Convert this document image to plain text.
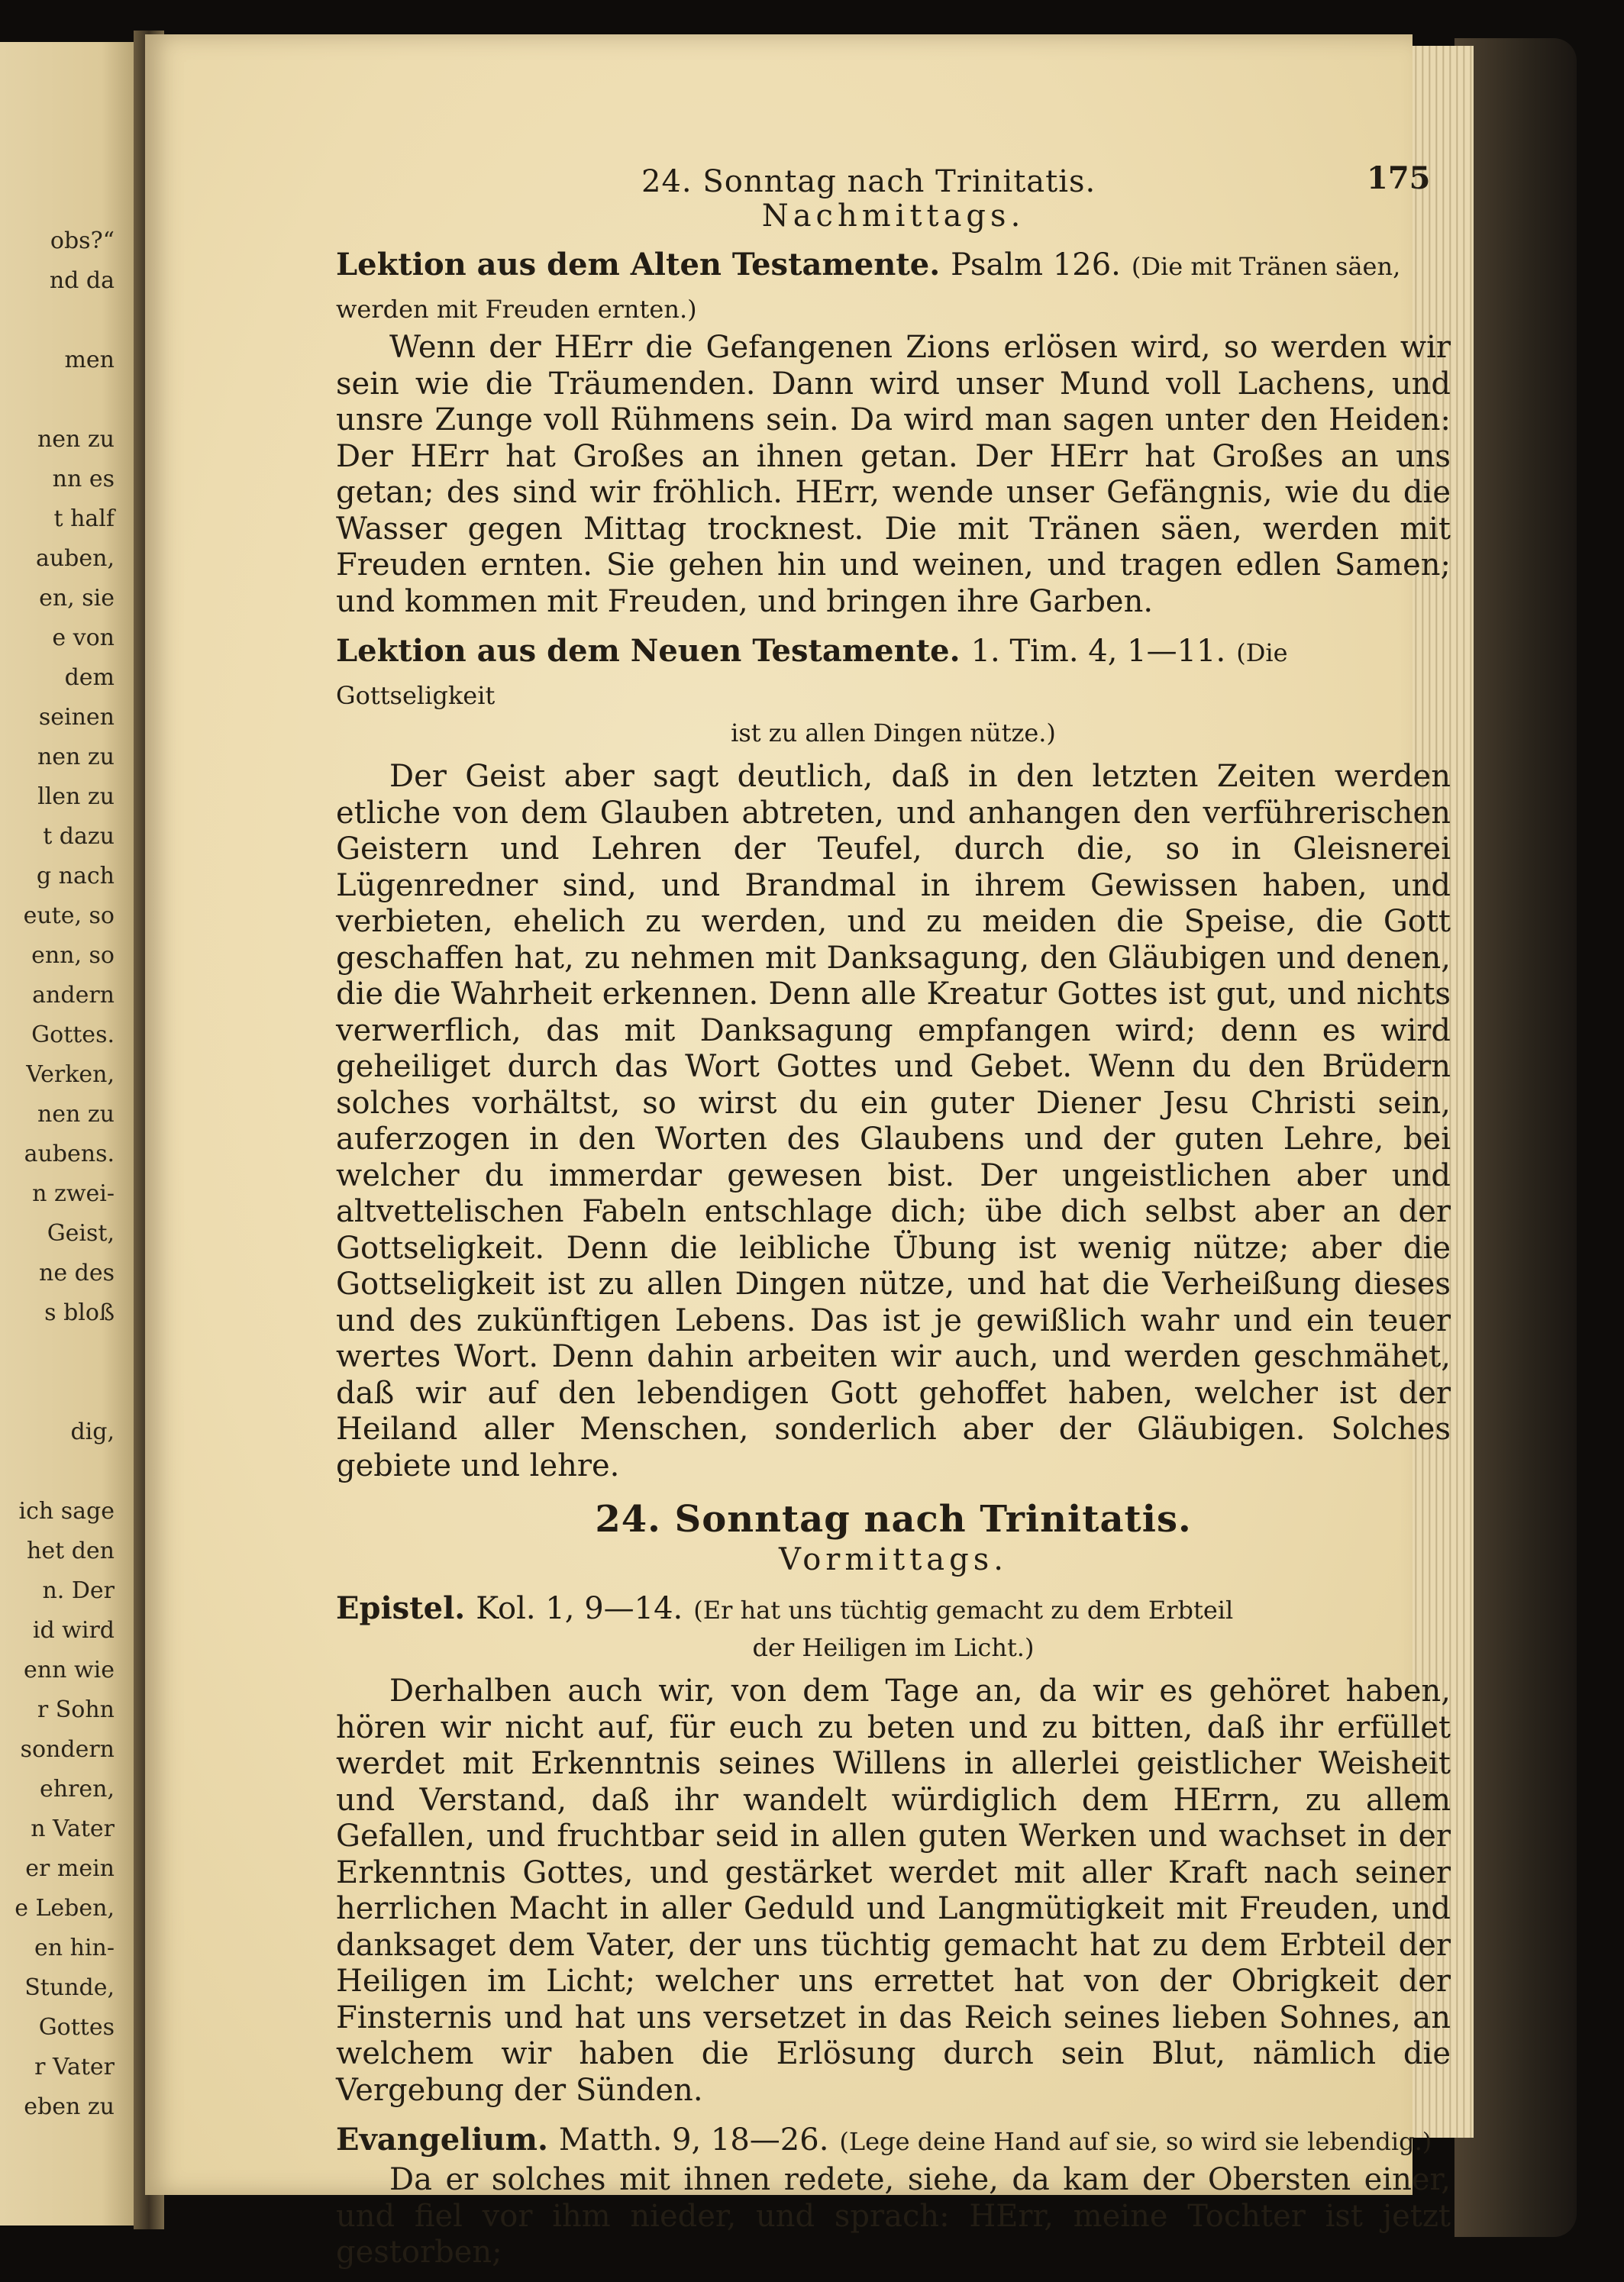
obs?“
nd da
men
nen zu
nn es
t half
auben,
en, sie
e von
dem
seinen
nen zu
llen zu
t dazu
g nach
eute, so
enn, so
andern
Gottes.
Verken,
nen zu
aubens.
n zwei-
Geist,
ne des
s bloß
dig,
ich sage
het den
n. Der
id wird
enn wie
r Sohn
sondern
ehren,
n Vater
er mein
e Leben,
en hin-
Stunde,
Gottes
r Vater
eben zu
24. Sonntag nach Trinitatis.	175

Nachmittags.

Lektion aus dem Alten Testamente. Psalm 126. (Die mit Tränen säen, werden mit Freuden ernten.)

Wenn der HErr die Gefangenen Zions erlösen wird, so werden wir sein wie die Träumenden. Dann wird unser Mund voll Lachens, und unsre Zunge voll Rühmens sein. Da wird man sagen unter den Heiden: Der HErr hat Großes an ihnen getan. Der HErr hat Großes an uns getan; des sind wir fröhlich. HErr, wende unser Gefängnis, wie du die Wasser gegen Mittag trocknest. Die mit Tränen säen, werden mit Freuden ernten. Sie gehen hin und weinen, und tragen edlen Samen; und kommen mit Freuden, und bringen ihre Garben.

Lektion aus dem Neuen Testamente. 1. Tim. 4, 1—11. (Die Gottseligkeit

ist zu allen Dingen nütze.)

Der Geist aber sagt deutlich, daß in den letzten Zeiten werden etliche von dem Glauben abtreten, und anhangen den verführerischen Geistern und Lehren der Teufel, durch die, so in Gleisnerei Lügenredner sind, und Brandmal in ihrem Gewissen haben, und verbieten, ehelich zu werden, und zu meiden die Speise, die Gott geschaffen hat, zu nehmen mit Danksagung, den Gläubigen und denen, die die Wahrheit erkennen. Denn alle Kreatur Gottes ist gut, und nichts verwerflich, das mit Danksagung empfangen wird; denn es wird geheiliget durch das Wort Gottes und Gebet. Wenn du den Brüdern solches vorhältst, so wirst du ein guter Diener Jesu Christi sein, auferzogen in den Worten des Glaubens und der guten Lehre, bei welcher du immerdar gewesen bist. Der ungeistlichen aber und altvettelischen Fabeln entschlage dich; übe dich selbst aber an der Gottseligkeit. Denn die leibliche Übung ist wenig nütze; aber die Gottseligkeit ist zu allen Dingen nütze, und hat die Verheißung dieses und des zukünftigen Lebens. Das ist je gewißlich wahr und ein teuer wertes Wort. Denn dahin arbeiten wir auch, und werden geschmähet, daß wir auf den lebendigen Gott gehoffet haben, welcher ist der Heiland aller Menschen, sonderlich aber der Gläubigen. Solches gebiete und lehre.

24. Sonntag nach Trinitatis.

Vormittags.

Epistel. Kol. 1, 9—14. (Er hat uns tüchtig gemacht zu dem Erbteil

der Heiligen im Licht.)

Derhalben auch wir, von dem Tage an, da wir es gehöret haben, hören wir nicht auf, für euch zu beten und zu bitten, daß ihr erfüllet werdet mit Erkenntnis seines Willens in allerlei geistlicher Weisheit und Verstand, daß ihr wandelt würdiglich dem HErrn, zu allem Gefallen, und fruchtbar seid in allen guten Werken und wachset in der Erkenntnis Gottes, und gestärket werdet mit aller Kraft nach seiner herrlichen Macht in aller Geduld und Langmütigkeit mit Freuden, und danksaget dem Vater, der uns tüchtig gemacht hat zu dem Erbteil der Heiligen im Licht; welcher uns errettet hat von der Obrigkeit der Finsternis und hat uns versetzet in das Reich seines lieben Sohnes, an welchem wir haben die Erlösung durch sein Blut, nämlich die Vergebung der Sünden.

Evangelium. Matth. 9, 18—26. (Lege deine Hand auf sie, so wird sie lebendig.)

Da er solches mit ihnen redete, siehe, da kam der Obersten einer, und fiel vor ihm nieder, und sprach: HErr, meine Tochter ist jetzt gestorben;
